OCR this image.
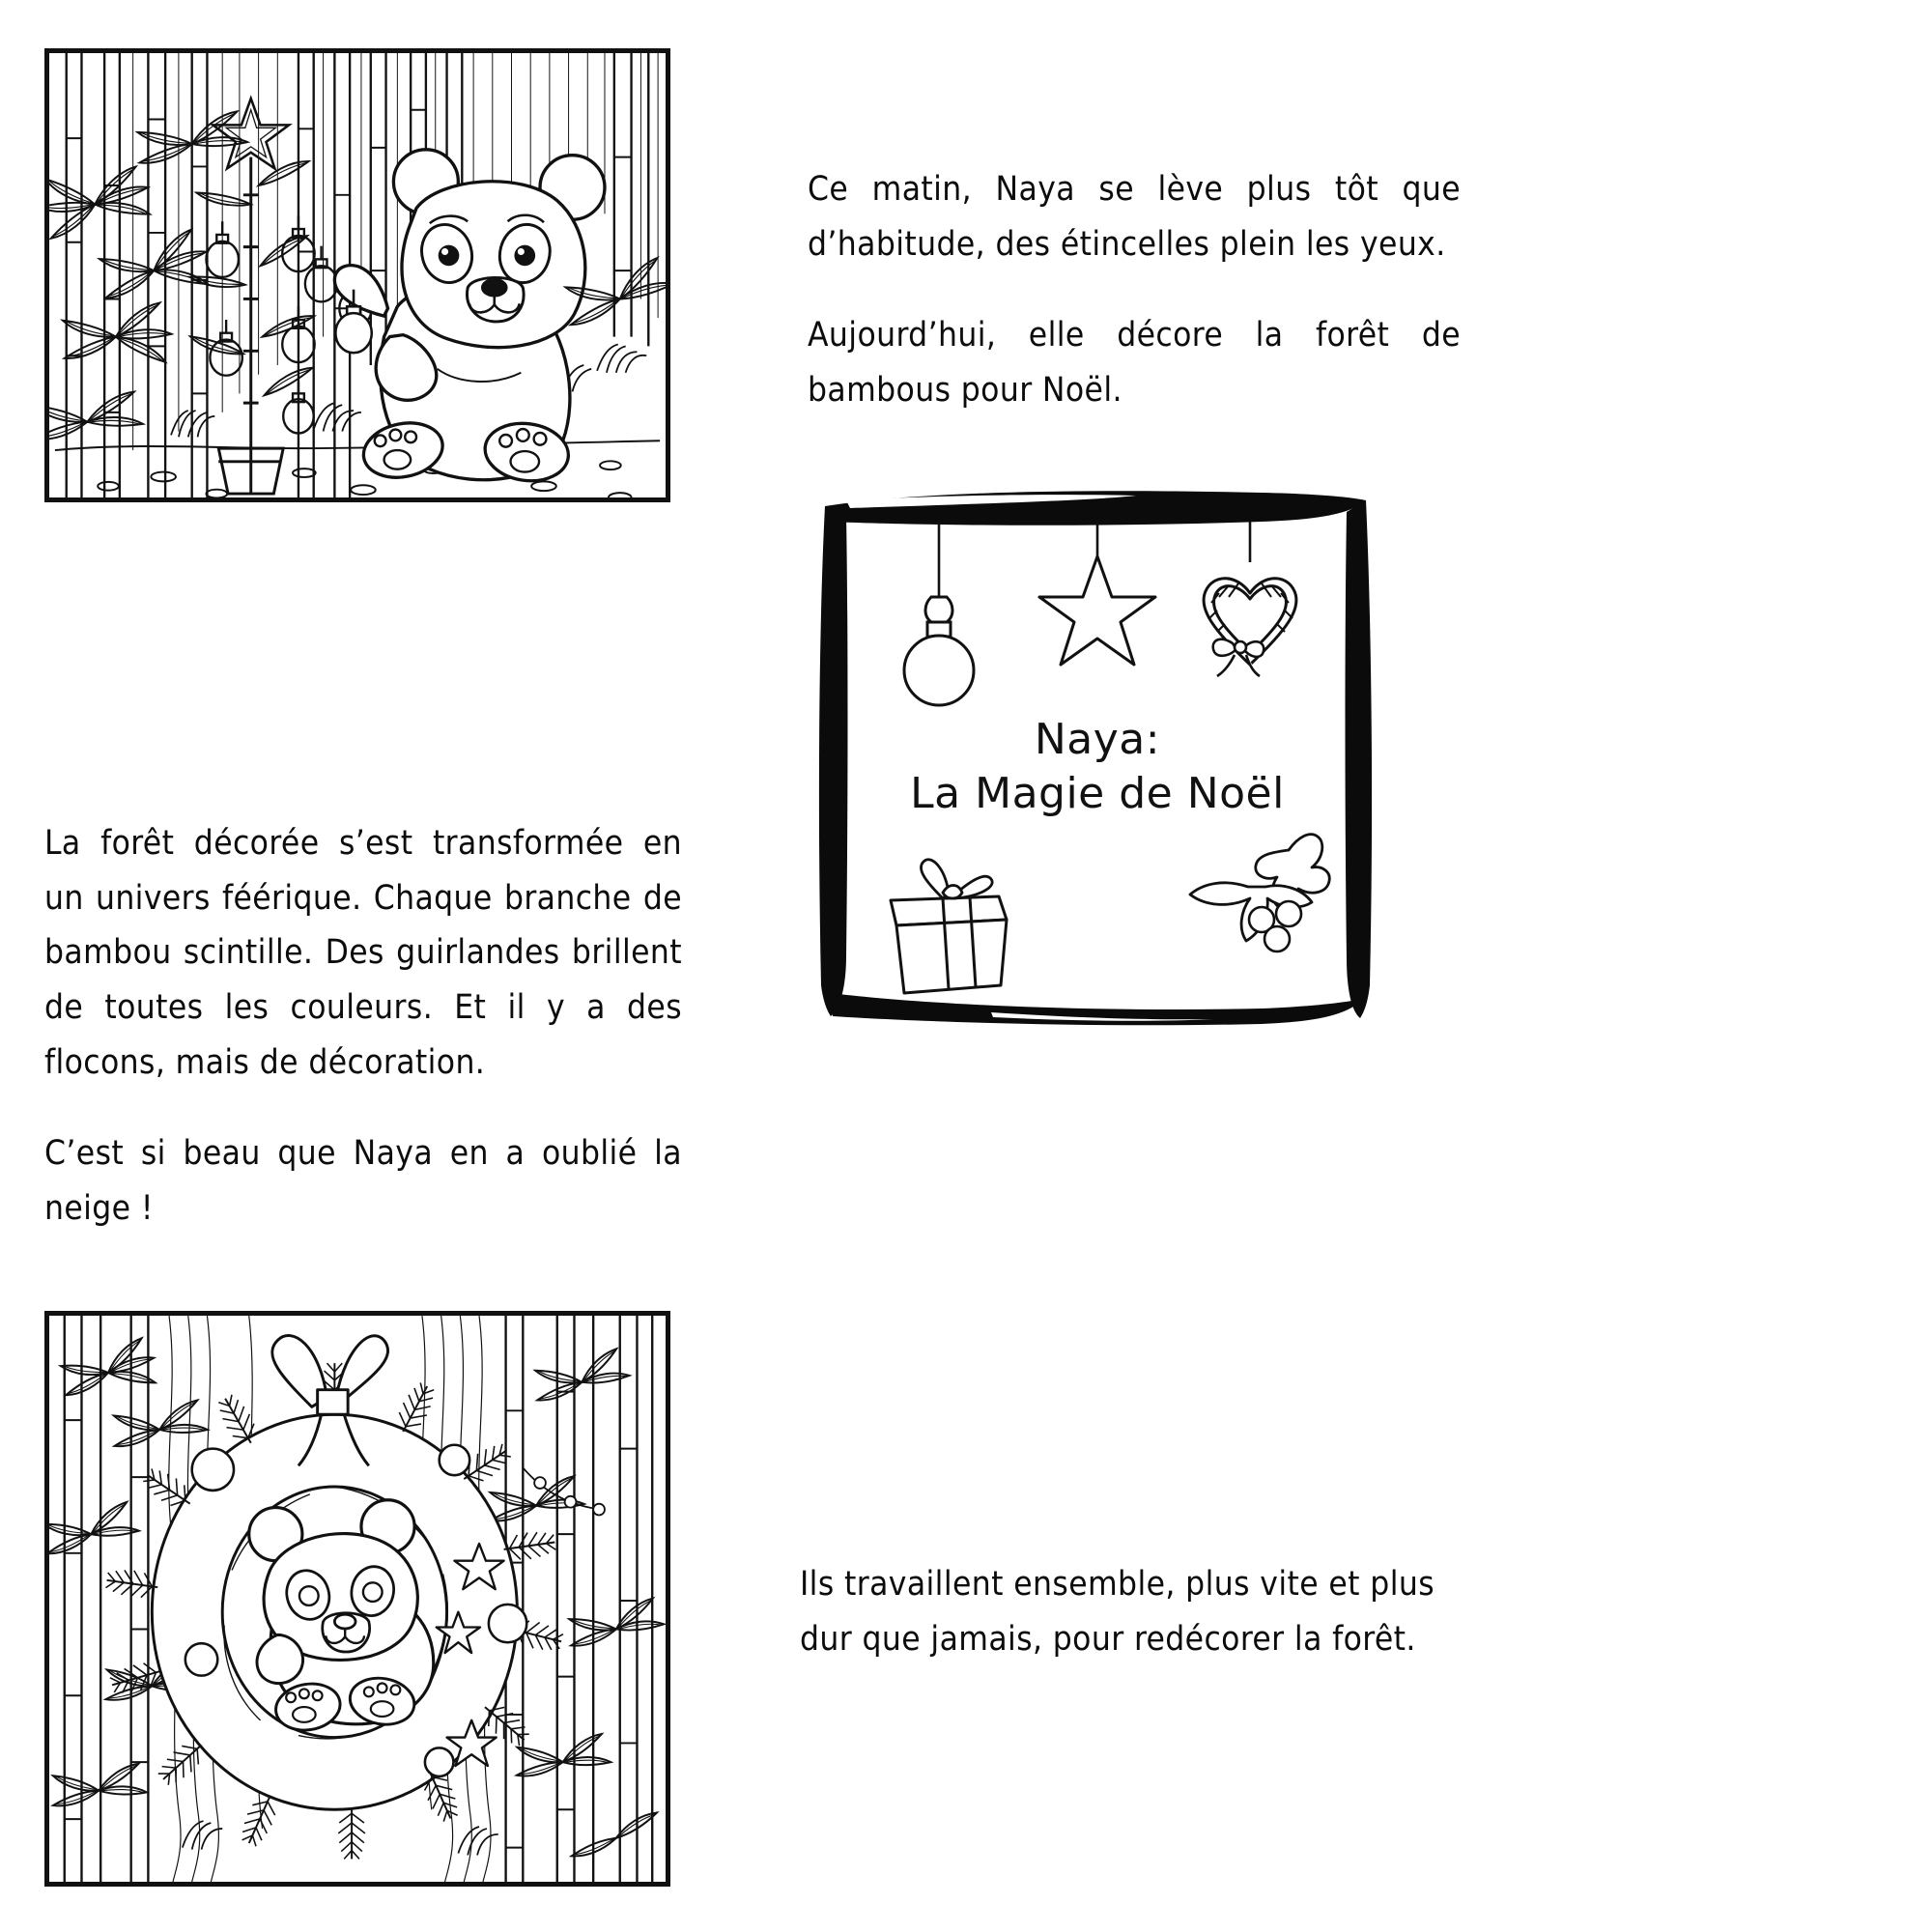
Ce matin, Naya se lève plus tôt que d’habitude, des étincelles plein les yeux.

Aujourd’hui, elle décore la forêt de bambous pour Noël.

Naya:
La Magie de Noël

La forêt décorée s’est transformée en un univers féérique. Chaque branche de bambou scintille. Des guirlandes brillent de toutes les couleurs. Et il y a des flocons, mais de décoration.

C’est si beau que Naya en a oublié la neige !

Ils travaillent ensemble, plus vite et plus dur que jamais, pour redécorer la forêt.
